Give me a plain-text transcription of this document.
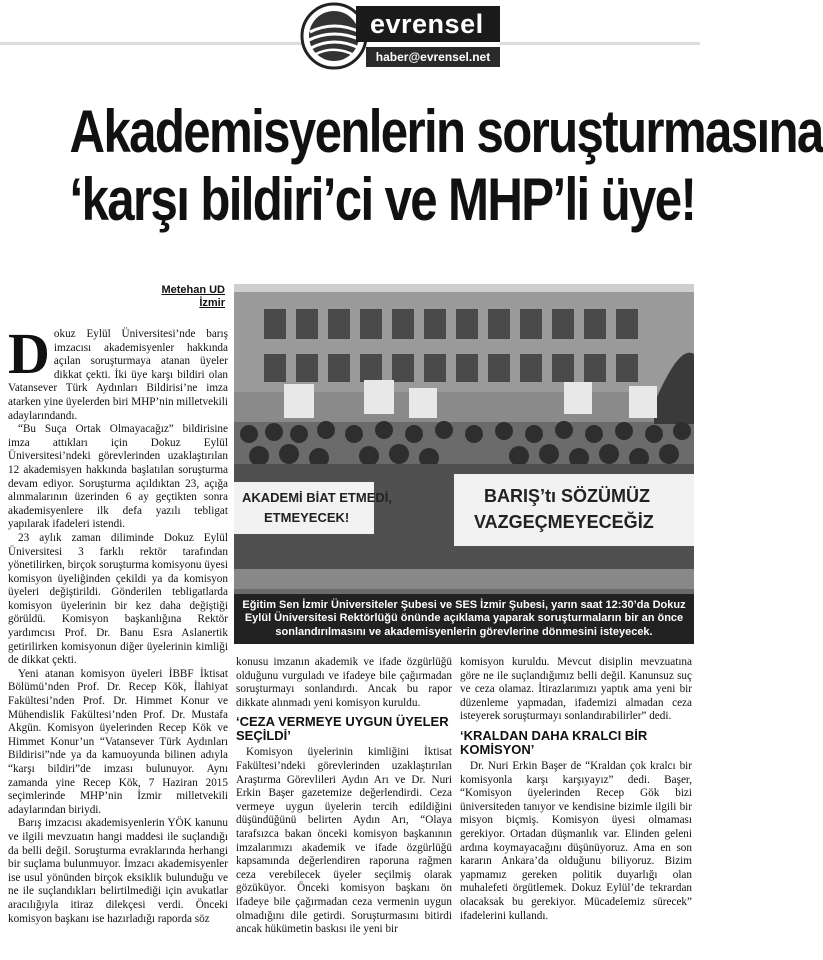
evrensel
haber@evrensel.net
Akademisyenlerin soruşturmasına
‘karşı bildiri’ci ve MHP’li üye!
Metehan UD
İzmir
AKADEMİ BİAT ETMEDİ,
ETMEYECEK!
BARIŞ’tı SÖZÜMÜZ
VAZGEÇMEYECEĞİZ
Eğitim Sen İzmir Üniversiteler Şubesi ve SES İzmir Şubesi, yarın saat 12:30’da Dokuz Eylül Üniversitesi Rektörlüğü önünde açıklama yaparak soruşturmaların bir an önce sonlandırılmasını ve akademisyenlerin görevlerine dönmesini isteyecek.

Dokuz Eylül Üniversitesi’nde barış imzacısı akademisyenler hakkında açılan soruşturmaya atanan üyeler dikkat çekti. İki üye karşı bildiri olan Vatansever Türk Aydınları Bildirisi’ne imza atarken yine üyelerden biri MHP’nin milletvekili adaylarındandı.

“Bu Suça Ortak Olmayacağız” bildirisine imza attıkları için Dokuz Eylül Üniversitesi’ndeki görevlerinden uzaklaştırılan 12 akademisyen hakkında başlatılan soruşturma devam ediyor. Soruşturma açıldıktan 23, açığa alınmalarının üzerinden 6 ay geçtikten sonra akademisyenlere ilk defa yazılı tebligat yapılarak ifadeleri istendi.

23 aylık zaman diliminde Dokuz Eylül Üniversitesi 3 farklı rektör tarafından yönetilirken, birçok soruşturma komisyonu üyesi komisyon üyeliğinden çekildi ya da komisyon üyeleri değiştirildi. Gönderilen tebligatlarda komisyon üyelerinin bir kez daha değiştiği görüldü. Komisyon başkanlığına Rektör yardımcısı Prof. Dr. Banu Esra Aslanertik getirilirken komisyonun diğer üyelerinin kimliği de dikkat çekti.

Yeni atanan komisyon üyeleri İBBF İktisat Bölümü’nden Prof. Dr. Recep Kök, İlahiyat Fakültesi’nden Prof. Dr. Himmet Konur ve Mühendislik Fakültesi’nden Prof. Dr. Mustafa Akgün. Komisyon üyelerinden Recep Kök ve Himmet Konur’un “Vatansever Türk Aydınları Bildirisi”nde ya da kamuoyunda bilinen adıyla “karşı bildiri”de imzası bulunuyor. Aynı zamanda yine Recep Kök, 7 Haziran 2015 seçimlerinde MHP’nin İzmir milletvekili adaylarından biriydi.

Barış imzacısı akademisyenlerin YÖK kanunu ve ilgili mevzuatın hangi maddesi ile suçlandığı da belli değil. Soruşturma evraklarında herhangi bir suçlama bulunmuyor. İmzacı akademisyenler ise usul yönünden birçok eksiklik bulunduğu ve ne ile suçlandıkları belirtilmediği için avukatlar aracılığıyla itiraz dilekçesi verdi. Önceki komisyon başkanı ise hazırladığı raporda söz

konusu imzanın akademik ve ifade özgürlüğü olduğunu vurguladı ve ifadeye bile çağırmadan soruşturmayı sonlandırdı. Ancak bu rapor dikkate alınmadı yeni komisyon kuruldu.

‘CEZA VERMEYE UYGUN ÜYELER SEÇİLDİ’

Komisyon üyelerinin kimliğini İktisat Fakültesi’ndeki görevlerinden uzaklaştırılan Araştırma Görevlileri Aydın Arı ve Dr. Nuri Erkin Başer gazetemize değerlendirdi. Ceza vermeye uygun üyelerin tercih edildiğini düşündüğünü belirten Aydın Arı, “Olaya tarafsızca bakan önceki komisyon başkanının imzalarımızı akademik ve ifade özgürlüğü kapsamında değerlendiren raporuna rağmen ceza verebilecek üyeler seçilmiş olarak gözüküyor. Önceki komisyon başkanı ön ifadeye bile çağırmadan ceza vermenin uygun olmadığını dile getirdi. Soruşturmasını bitirdi ancak hükümetin baskısı ile yeni bir

komisyon kuruldu. Mevcut disiplin mevzuatına göre ne ile suçlandığımız belli değil. Kanunsuz suç ve ceza olamaz. İtirazlarımızı yaptık ama yeni bir düzenleme yapmadan, ifademizi almadan ceza isteyerek soruşturmayı sonlandırabilirler” dedi.

‘KRALDAN DAHA KRALCI BİR KOMİSYON’

Dr. Nuri Erkin Başer de “Kraldan çok kralcı bir komisyonla karşı karşıyayız” dedi. Başer, “Komisyon üyelerinden Recep Gök bizi üniversiteden tanıyor ve kendisine bizimle ilgili bir misyon biçmiş. Komisyon üyesi olmaması gerekiyor. Ortadan düşmanlık var. Elinden geleni ardına koymayacağını düşünüyoruz. Ama en son kararın Ankara’da olduğunu biliyoruz. Bizim yapmamız gereken politik duyarlığı olan muhalefeti örgütlemek. Dokuz Eylül’de tekrardan olacaksak bu gerekiyor. Mücadelemiz sürecek” ifadelerini kullandı.
